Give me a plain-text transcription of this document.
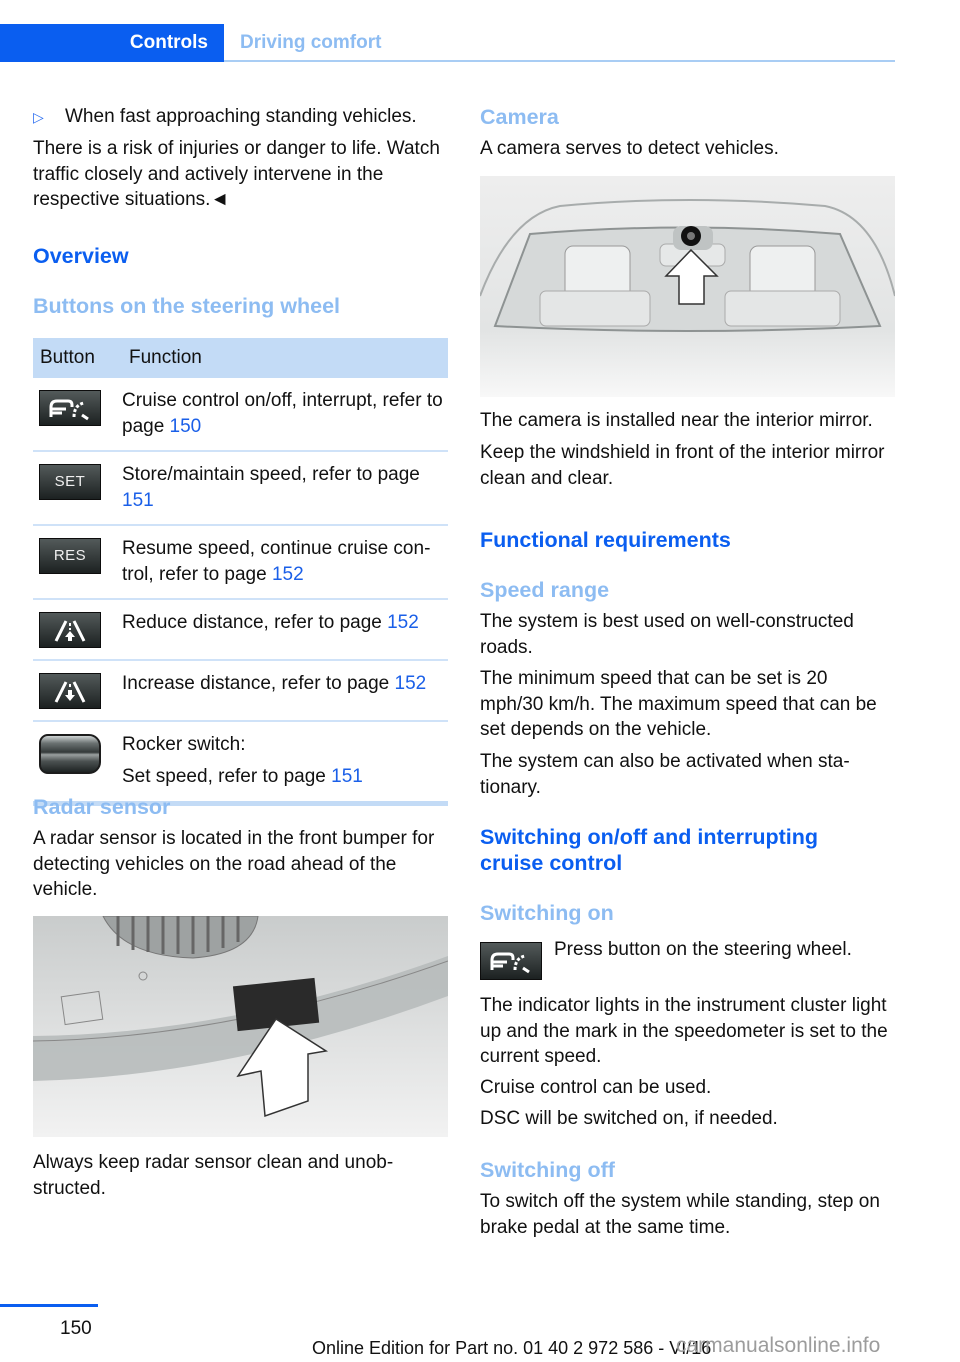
Controls Driving comfort
▷ When fast approaching standing vehicles.

There is a risk of injuries or danger to life. Watch traffic closely and actively intervene in the respective situations.◄

Overview
Buttons on the steering wheel
Button	Function

	Cruise control on/off, interrupt, refer to page 150

SET	Store/maintain speed, refer to page 151

RES	Resume speed, continue cruise control, refer to page 152

	Reduce distance, refer to page 152

	Increase distance, refer to page 152

	Rocker switch:
Set speed, refer to page 151
Radar sensor

A radar sensor is located in the front bumper for detecting vehicles on the road ahead of the vehicle.

Always keep radar sensor clean and unobstructed.

Camera

A camera serves to detect vehicles.

The camera is installed near the interior mirror.

Keep the windshield in front of the interior mirror clean and clear.

Functional requirements
Speed range

The system is best used on well-constructed roads.

The minimum speed that can be set is 20 mph/30 km/h. The maximum speed that can be set depends on the vehicle.

The system can also be activated when stationary.

Switching on/off and interrupting cruise control
Switching on

Press button on the steering wheel.

The indicator lights in the instrument cluster light up and the mark in the speedometer is set to the current speed.

Cruise control can be used.

DSC will be switched on, if needed.

Switching off

To switch off the system while standing, step on brake pedal at the same time.

150
Online Edition for Part no. 01 40 2 972 586 - VI/16
carmanualsonline.info
